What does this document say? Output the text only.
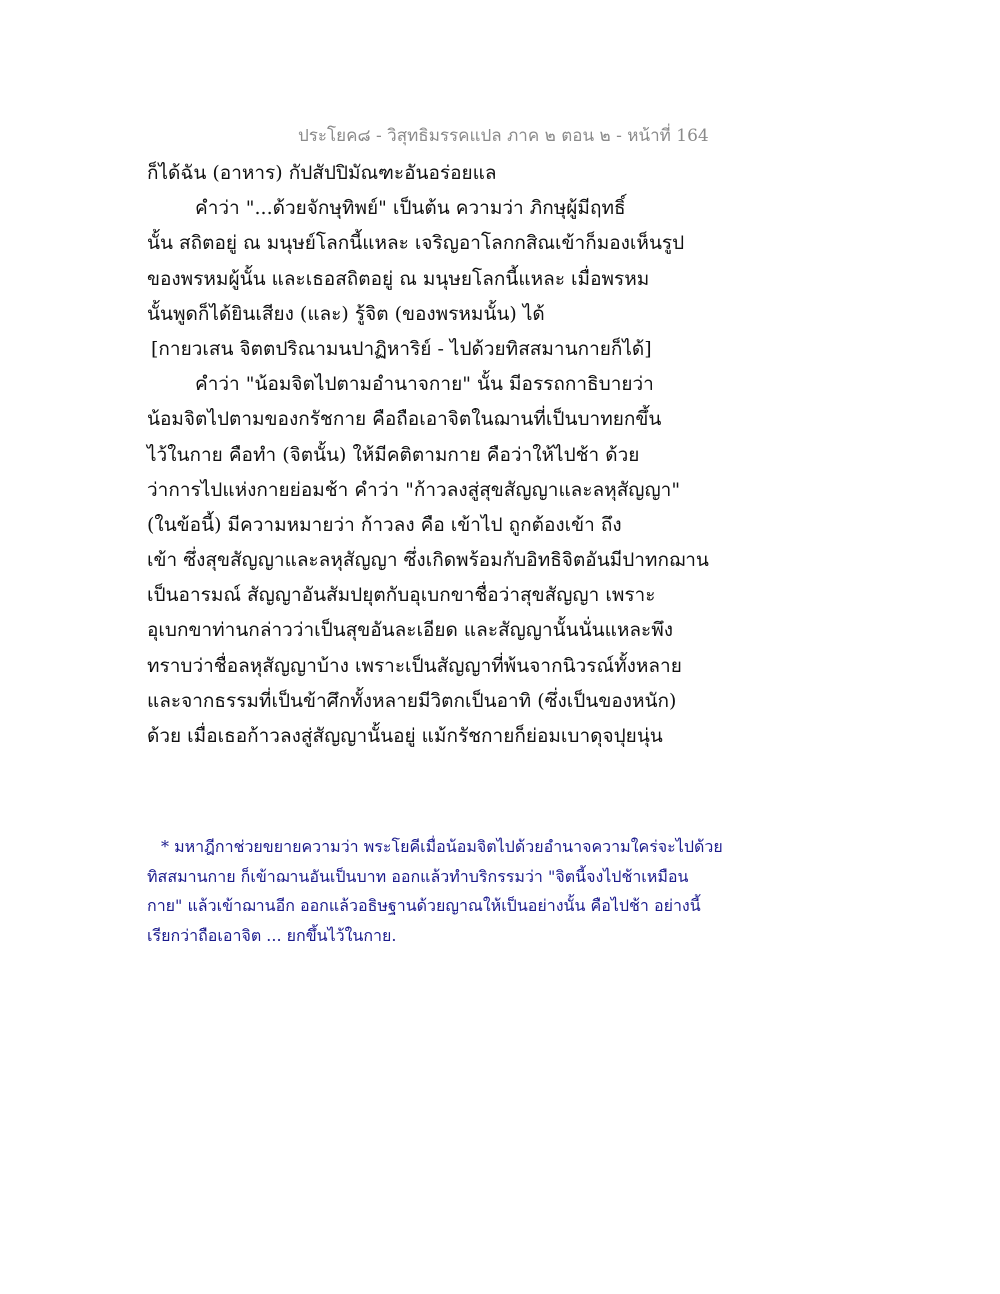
ประโยค๘ - วิสุทธิมรรคแปล ภาค ๒ ตอน ๒ - หน้าที่ 164
ก็ได้ฉัน (อาหาร) กัปสัปปิมัณฑะอันอร่อยแล
คำว่า "...ด้วยจักษุทิพย์" เป็นต้น ความว่า ภิกษุผู้มีฤทธิ์
นั้น สถิตอยู่ ณ มนุษย์โลกนี้แหละ เจริญอาโลกกสิณเข้าก็มองเห็นรูป
ของพรหมผู้นั้น และเธอสถิตอยู่ ณ มนุษยโลกนี้แหละ เมื่อพรหม
นั้นพูดก็ได้ยินเสียง (และ) รู้จิต (ของพรหมนั้น) ได้
[กายวเสน จิตตปริณามนปาฏิหาริย์ - ไปด้วยทิสสมานกายก็ได้]
คำว่า "น้อมจิตไปตามอำนาจกาย" นั้น มีอรรถกาธิบายว่า
น้อมจิตไปตามของกรัชกาย คือถือเอาจิตในฌานที่เป็นบาทยกขึ้น
ไว้ในกาย คือทำ (จิตนั้น) ให้มีคติตามกาย คือว่าให้ไปช้า ด้วย
ว่าการไปแห่งกายย่อมช้า คำว่า "ก้าวลงสู่สุขสัญญาและลหุสัญญา"
(ในข้อนี้) มีความหมายว่า ก้าวลง คือ เข้าไป ถูกต้องเข้า ถึง
เข้า ซึ่งสุขสัญญาและลหุสัญญา ซึ่งเกิดพร้อมกับอิทธิจิตอันมีปาทกฌาน
เป็นอารมณ์ สัญญาอันสัมปยุตกับอุเบกขาชื่อว่าสุขสัญญา เพราะ
อุเบกขาท่านกล่าวว่าเป็นสุขอันละเอียด และสัญญานั้นนั่นแหละพึง
ทราบว่าชื่อลหุสัญญาบ้าง เพราะเป็นสัญญาที่พ้นจากนิวรณ์ทั้งหลาย
และจากธรรมที่เป็นข้าศึกทั้งหลายมีวิตกเป็นอาทิ (ซึ่งเป็นของหนัก)
ด้วย เมื่อเธอก้าวลงสู่สัญญานั้นอยู่ แม้กรัชกายก็ย่อมเบาดุจปุยนุ่น
* มหาฎีกาช่วยขยายความว่า พระโยคีเมื่อน้อมจิตไปด้วยอำนาจความใคร่จะไปด้วย
ทิสสมานกาย ก็เข้าฌานอันเป็นบาท ออกแล้วทำบริกรรมว่า "จิตนี้จงไปช้าเหมือน
กาย" แล้วเข้าฌานอีก ออกแล้วอธิษฐานด้วยญาณให้เป็นอย่างนั้น คือไปช้า อย่างนี้
เรียกว่าถือเอาจิต ... ยกขึ้นไว้ในกาย.
